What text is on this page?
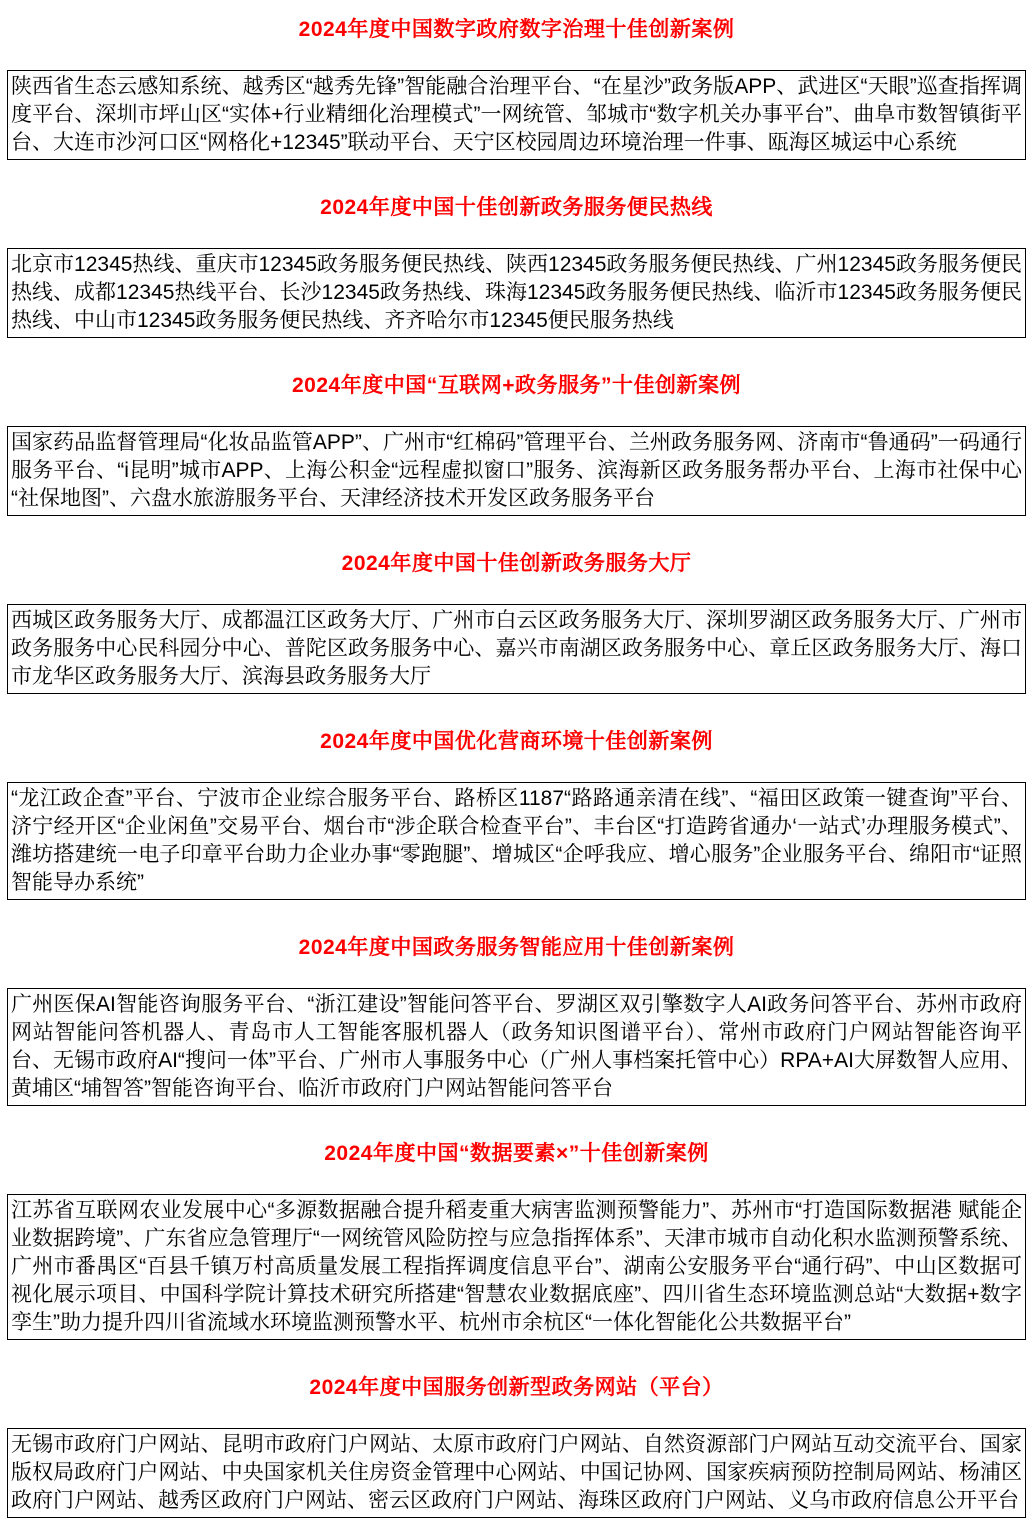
2024年度中国数字政府数字治理十佳创新案例
陕西省生态云感知系统、越秀区“越秀先锋”智能融合治理平台、“在星沙”政务版APP、武进区“天眼”巡查指挥调度平台、深圳市坪山区“实体+行业精细化治理模式”一网统管、邹城市“数字机关办事平台”、曲阜市数智镇街平台、大连市沙河口区“网格化+12345”联动平台、天宁区校园周边环境治理一件事、瓯海区城运中心系统
2024年度中国十佳创新政务服务便民热线
北京市12345热线、重庆市12345政务服务便民热线、陕西12345政务服务便民热线、广州12345政务服务便民热线、成都12345热线平台、长沙12345政务热线、珠海12345政务服务便民热线、临沂市12345政务服务便民热线、中山市12345政务服务便民热线、齐齐哈尔市12345便民服务热线
2024年度中国“互联网+政务服务”十佳创新案例
国家药品监督管理局“化妆品监管APP”、广州市“红棉码”管理平台、兰州政务服务网、济南市“鲁通码”一码通行服务平台、“i昆明”城市APP、上海公积金“远程虚拟窗口”服务、滨海新区政务服务帮办平台、上海市社保中心“社保地图”、六盘水旅游服务平台、天津经济技术开发区政务服务平台
2024年度中国十佳创新政务服务大厅
西城区政务服务大厅、成都温江区政务大厅、广州市白云区政务服务大厅、深圳罗湖区政务服务大厅、广州市政务服务中心民科园分中心、普陀区政务服务中心、嘉兴市南湖区政务服务中心、章丘区政务服务大厅、海口市龙华区政务服务大厅、滨海县政务服务大厅
2024年度中国优化营商环境十佳创新案例
“龙江政企查”平台、宁波市企业综合服务平台、路桥区1187“路路通亲清在线”、“福田区政策一键查询”平台、济宁经开区“企业闲鱼”交易平台、烟台市“涉企联合检查平台”、丰台区“打造跨省通办‘一站式’办理服务模式”、潍坊搭建统一电子印章平台助力企业办事“零跑腿”、增城区“企呼我应、增心服务”企业服务平台、绵阳市“证照智能导办系统”
2024年度中国政务服务智能应用十佳创新案例
广州医保AI智能咨询服务平台、“浙江建设”智能问答平台、罗湖区双引擎数字人AI政务问答平台、苏州市政府网站智能问答机器人、青岛市人工智能客服机器人（政务知识图谱平台）、常州市政府门户网站智能咨询平台、无锡市政府AI“搜问一体”平台、广州市人事服务中心（广州人事档案托管中心）RPA+AI大屏数智人应用、黄埔区“埔智答”智能咨询平台、临沂市政府门户网站智能问答平台
2024年度中国“数据要素×”十佳创新案例
江苏省互联网农业发展中心“多源数据融合提升稻麦重大病害监测预警能力”、苏州市“打造国际数据港 赋能企业数据跨境”、广东省应急管理厅“一网统管风险防控与应急指挥体系”、天津市城市自动化积水监测预警系统、广州市番禺区“百县千镇万村高质量发展工程指挥调度信息平台”、湖南公安服务平台“通行码”、中山区数据可视化展示项目、中国科学院计算技术研究所搭建“智慧农业数据底座”、四川省生态环境监测总站“大数据+数字孪生”助力提升四川省流域水环境监测预警水平、杭州市余杭区“一体化智能化公共数据平台”
2024年度中国服务创新型政务网站（平台）
无锡市政府门户网站、昆明市政府门户网站、太原市政府门户网站、自然资源部门户网站互动交流平台、国家版权局政府门户网站、中央国家机关住房资金管理中心网站、中国记协网、国家疾病预防控制局网站、杨浦区政府门户网站、越秀区政府门户网站、密云区政府门户网站、海珠区政府门户网站、义乌市政府信息公开平台
